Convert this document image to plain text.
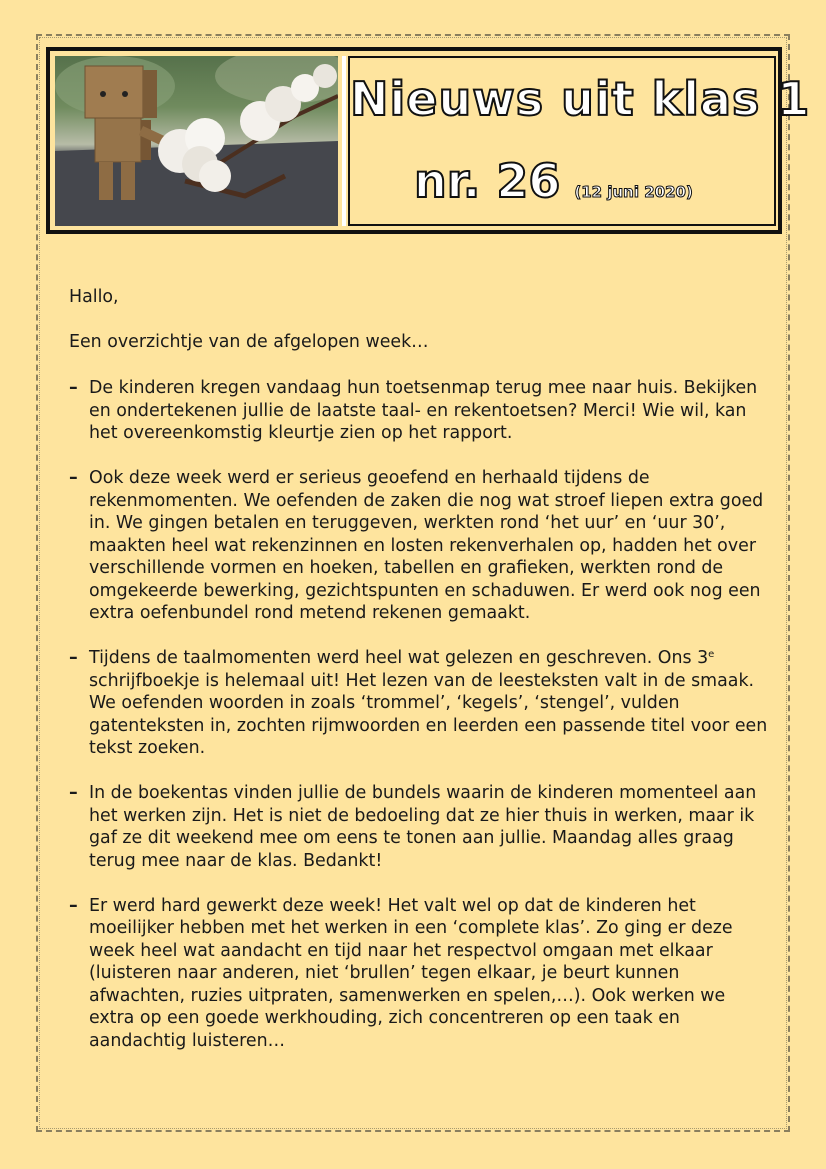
Nieuws uit klas 1
nr. 26 (12 juni 2020)

Hallo,

Een overzichtje van de afgelopen week…

– De kinderen kregen vandaag hun toetsenmap terug mee naar huis. Bekijken en ondertekenen jullie de laatste taal- en rekentoetsen? Merci! Wie wil, kan het overeenkomstig kleurtje zien op het rapport.
– Ook deze week werd er serieus geoefend en herhaald tijdens de rekenmomenten. We oefenden de zaken die nog wat stroef liepen extra goed in. We gingen betalen en teruggeven, werkten rond ‘het uur’ en ‘uur 30’, maakten heel wat rekenzinnen en losten rekenverhalen op, hadden het over verschillende vormen en hoeken, tabellen en grafieken, werkten rond de omgekeerde bewerking, gezichtspunten en schaduwen. Er werd ook nog een extra oefenbundel rond metend rekenen gemaakt.
– Tijdens de taalmomenten werd heel wat gelezen en geschreven. Ons 3e schrijfboekje is helemaal uit! Het lezen van de leesteksten valt in de smaak. We oefenden woorden in zoals ‘trommel’, ‘kegels’, ‘stengel’, vulden gatenteksten in, zochten rijmwoorden en leerden een passende titel voor een tekst zoeken.
– In de boekentas vinden jullie de bundels waarin de kinderen momenteel aan het werken zijn. Het is niet de bedoeling dat ze hier thuis in werken, maar ik gaf ze dit weekend mee om eens te tonen aan jullie. Maandag alles graag terug mee naar de klas. Bedankt!
– Er werd hard gewerkt deze week! Het valt wel op dat de kinderen het moeilijker hebben met het werken in een ‘complete klas’. Zo ging er deze week heel wat aandacht en tijd naar het respectvol omgaan met elkaar (luisteren naar anderen, niet ‘brullen’ tegen elkaar, je beurt kunnen afwachten, ruzies uitpraten, samenwerken en spelen,…). Ook werken we extra op een goede werkhouding, zich concentreren op een taak en aandachtig luisteren…
